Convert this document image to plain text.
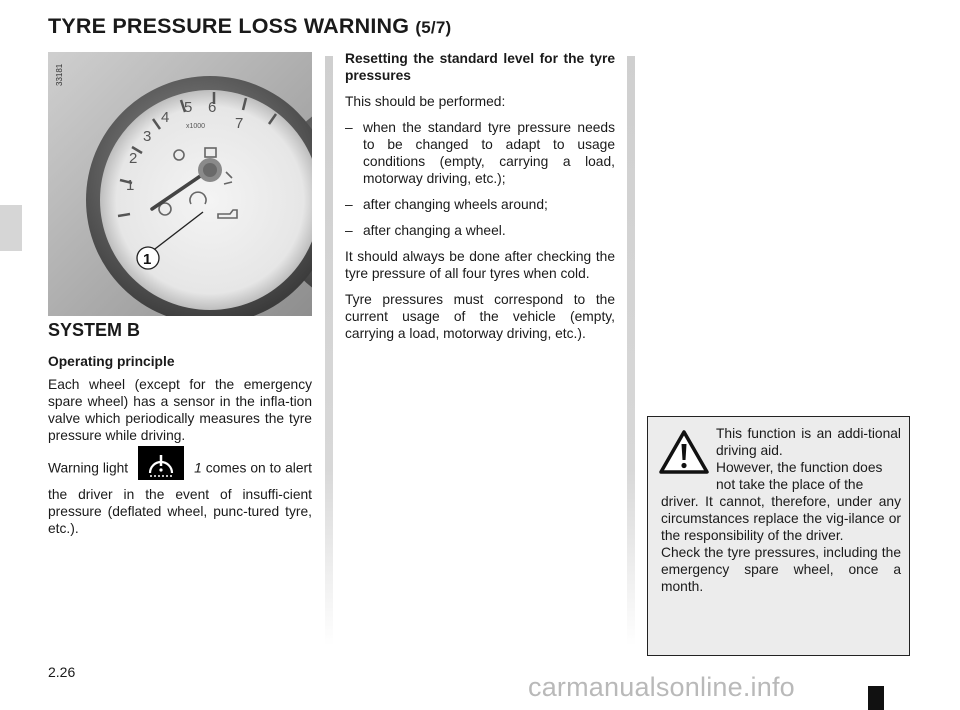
TYRE PRESSURE LOSS WARNING (5/7)
1
2
3
4
5 6
7
x1000
1
33181
SYSTEM B
Operating principle

Each wheel (except for the emergency spare wheel) has a sensor in the infla-tion valve which periodically measures the tyre pressure while driving.

Warning light	1 comes on to alert the driver in the event of insuffi-cient pressure (deflated wheel, punc-tured tyre, etc.).

Resetting the standard level for the tyre pressures

This should be performed:

– when the standard tyre pressure needs to be changed to adapt to usage conditions (empty, carrying a load, motorway driving, etc.);
– after changing wheels around;
– after changing a wheel.

It should always be done after checking the tyre pressure of all four tyres when cold.

Tyre pressures must correspond to the current usage of the vehicle (empty, carrying a load, motorway driving, etc.).

This function is an addi-tional driving aid.

However, the function does

not take the place of the

driver. It cannot, therefore, under any circumstances replace the vig-ilance or the responsibility of the driver.

Check the tyre pressures, including the emergency spare wheel, once a month.

2.26	carmanualsonline.info
